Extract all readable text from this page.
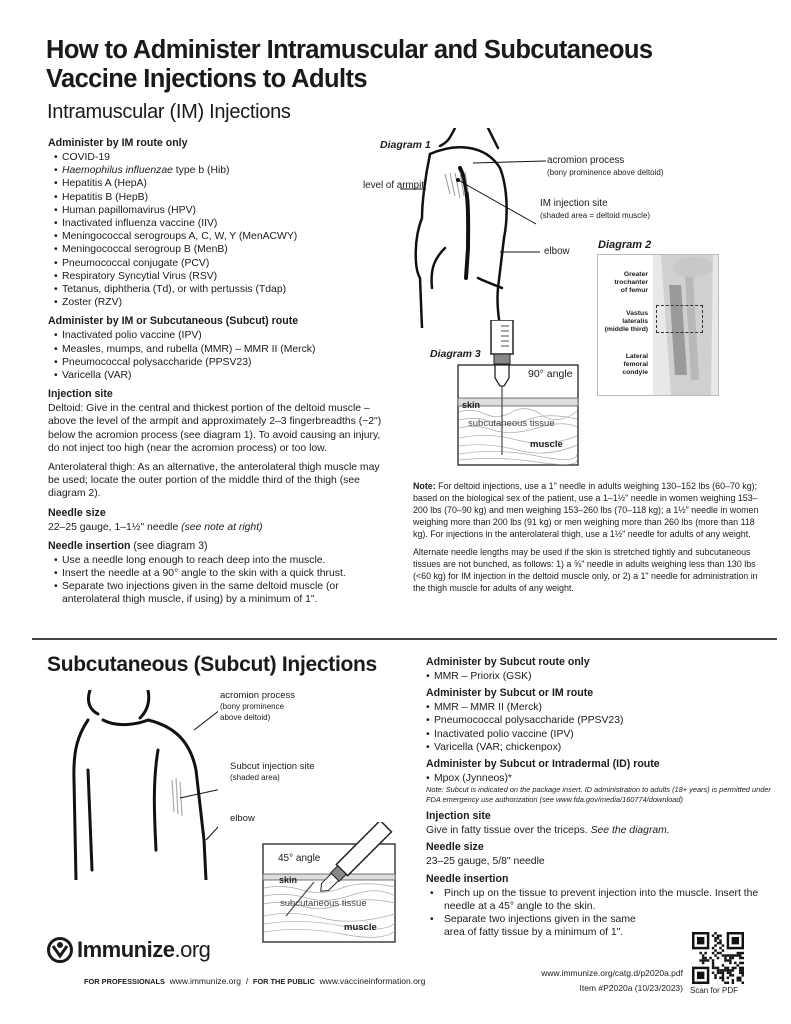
How to Administer Intramuscular and Subcutaneous Vaccine Injections to Adults
Intramuscular (IM) Injections
Administer by IM route only
• COVID-19
• Haemophilus influenzae type b (Hib)
• Hepatitis A (HepA)
• Hepatitis B (HepB)
• Human papillomavirus (HPV)
• Inactivated influenza vaccine (IIV)
• Meningococcal serogroups A, C, W, Y (MenACWY)
• Meningococcal serogroup B (MenB)
• Pneumococcal conjugate (PCV)
• Respiratory Syncytial Virus (RSV)
• Tetanus, diphtheria (Td), or with pertussis (Tdap)
• Zoster (RZV)
Administer by IM or Subcutaneous (Subcut) route
• Inactivated polio vaccine (IPV)
• Measles, mumps, and rubella (MMR) – MMR II (Merck)
• Pneumococcal polysaccharide (PPSV23)
• Varicella (VAR)
Injection site

Deltoid: Give in the central and thickest portion of the deltoid muscle – above the level of the armpit and approximately 2–3 fingerbreadths (~2") below the acromion process (see diagram 1). To avoid causing an injury, do not inject too high (near the acromion process) or too low.

Anterolateral thigh: As an alternative, the anterolateral thigh muscle may be used; locate the outer portion of the middle third of the thigh (see diagram 2).

Needle size

22–25 gauge, 1–1½" needle (see note at right)

Needle insertion (see diagram 3)
• Use a needle long enough to reach deep into the muscle.
• Insert the needle at a 90° angle to the skin with a quick thrust.
• Separate two injections given in the same deltoid muscle (or anterolateral thigh muscle, if using) by a minimum of 1".
Diagram 1
level of armpit
acromion process
(bony prominence above deltoid)
IM injection site
(shaded area = deltoid muscle)
elbow
Diagram 2
Greater
trochanter
of femur
Vastus
lateralis
(middle third)
Lateral
femoral
condyle
Diagram 3
90° angle
skin
subcutaneous tissue
muscle

Note: For deltoid injections, use a 1" needle in adults weighing 130–152 lbs (60–70 kg); based on the biological sex of the patient, use a 1–1½" needle in women weighing 153–200 lbs (70–90 kg) and men weighing 153–260 lbs (70–118 kg); a 1½" needle in women weighing more than 200 lbs (91 kg) or men weighing more than 260 lbs (more than 118 kg). For injections in the anterolateral thigh, use a 1½" needle for adults of any weight.

Alternate needle lengths may be used if the skin is stretched tightly and subcutaneous tissues are not bunched, as follows: 1) a ⅝" needle in adults weighing less than 130 lbs (<60 kg) for IM injection in the deltoid muscle only, or 2) a 1" needle for administration in the thigh muscle for adults of any weight.

Subcutaneous (Subcut) Injections
acromion process
(bony prominence
above deltoid)
Subcut injection site
(shaded area)
elbow
45° angle
skin
subcutaneous tissue
muscle
Administer by Subcut route only
• MMR – Priorix (GSK)
Administer by Subcut or IM route
• MMR – MMR II (Merck)
• Pneumococcal polysaccharide (PPSV23)
• Inactivated polio vaccine (IPV)
• Varicella (VAR; chickenpox)
Administer by Subcut or Intradermal (ID) route
• Mpox (Jynneos)*

Note: Subcut is indicated on the package insert. ID administration to adults (18+ years) is permitted under FDA emergency use authorization (see www.fda.gov/media/160774/download)

Injection site

Give in fatty tissue over the triceps. See the diagram.

Needle size

23–25 gauge, 5/8" needle

Needle insertion
• Pinch up on the tissue to prevent injection into the muscle. Insert the needle at a 45° angle to the skin.
• Separate two injections given in the same area of fatty tissue by a minimum of 1".
Immunize .org
FOR PROFESSIONALS www.immunize.org / FOR THE PUBLIC www.vaccineinformation.org
www.immunize.org/catg.d/p2020a.pdf
Item #P2020a (10/23/2023) Scan for PDF
